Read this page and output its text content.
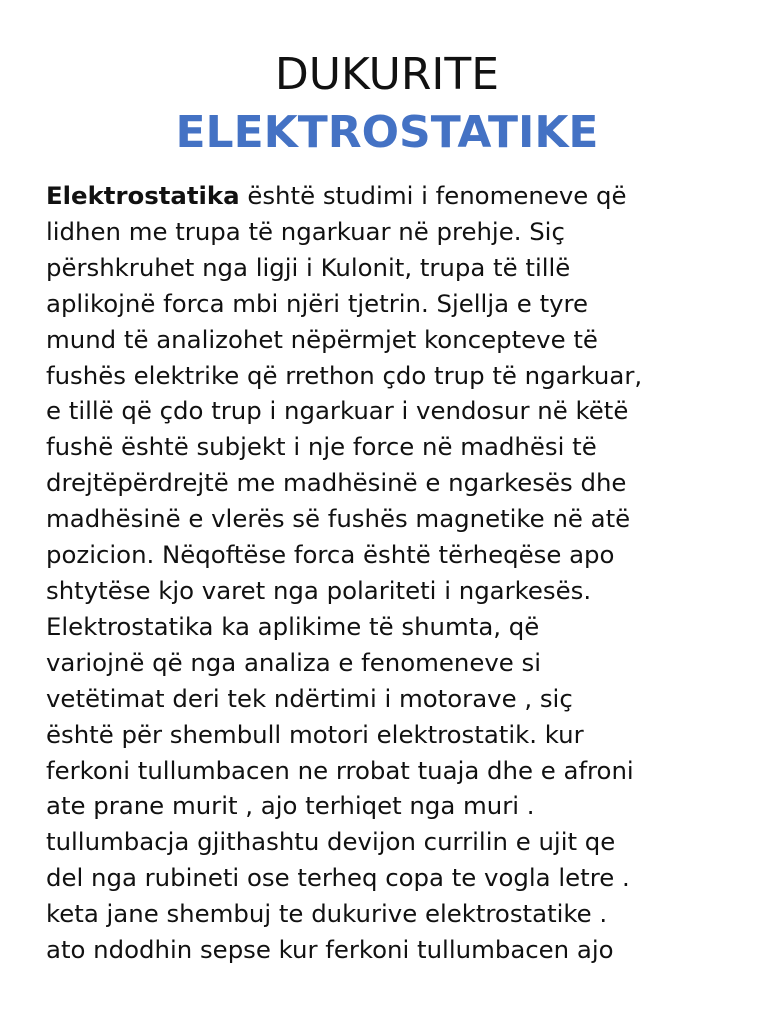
DUKURITE
ELEKTROSTATIKE
Elektrostatika është studimi i fenomeneve që
lidhen me trupa të ngarkuar në prehje. Siç
përshkruhet nga ligji i Kulonit, trupa të tillë
aplikojnë forca mbi njëri tjetrin. Sjellja e tyre
mund të analizohet nëpërmjet koncepteve të
fushës elektrike që rrethon çdo trup të ngarkuar,
e tillë që çdo trup i ngarkuar i vendosur në këtë
fushë është subjekt i nje force në madhësi të
drejtëpërdrejtë me madhësinë e ngarkesës dhe
madhësinë e vlerës së fushës magnetike në atë
pozicion. Nëqoftëse forca është tërheqëse apo
shtytëse kjo varet nga polariteti i ngarkesës.
Elektrostatika ka aplikime të shumta, që
variojnë që nga analiza e fenomeneve si
vetëtimat deri tek ndërtimi i motorave , siç
është për shembull motori elektrostatik. kur
ferkoni tullumbacen ne rrobat tuaja dhe e afroni
ate prane murit , ajo terhiqet nga muri .
tullumbacja gjithashtu devijon currilin e ujit qe
del nga rubineti ose terheq copa te vogla letre .
keta jane shembuj te dukurive elektrostatike .
ato ndodhin sepse kur ferkoni tullumbacen ajo
